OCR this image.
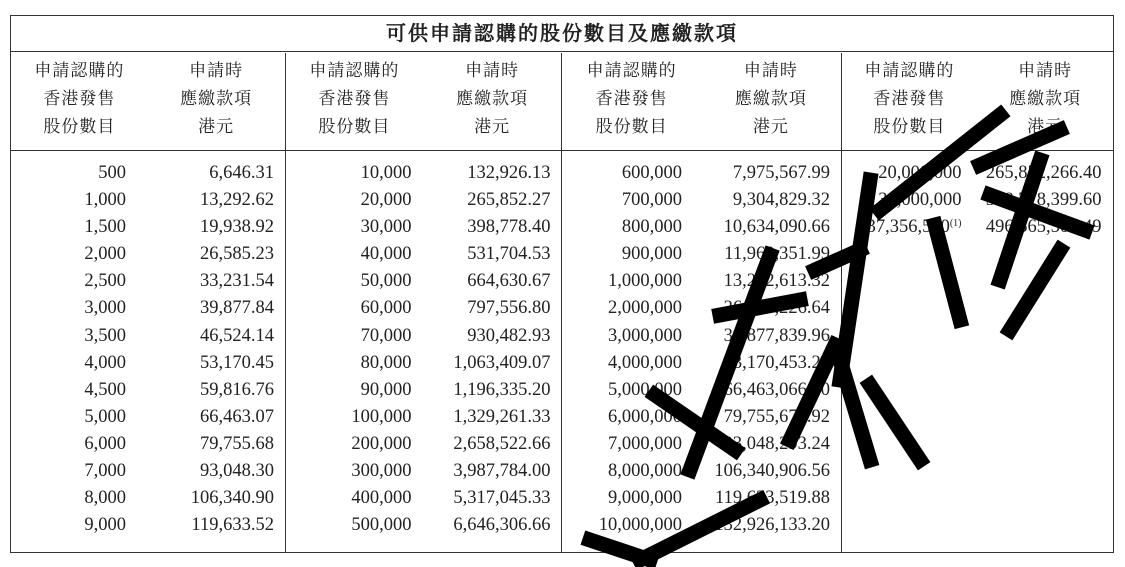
可供申請認購的股份數目及應繳款項
申請認購的
香港發售
股份數目
申請時
應繳款項
港元
500	6,646.31
1,000	13,292.62
1,500	19,938.92
2,000	26,585.23
2,500	33,231.54
3,000	39,877.84
3,500	46,524.14
4,000	53,170.45
4,500	59,816.76
5,000	66,463.07
6,000	79,755.68
7,000	93,048.30
8,000	106,340.90
9,000	119,633.52
申請認購的
香港發售
股份數目
申請時
應繳款項
港元
10,000	132,926.13
20,000	265,852.27
30,000	398,778.40
40,000	531,704.53
50,000	664,630.67
60,000	797,556.80
70,000	930,482.93
80,000	1,063,409.07
90,000	1,196,335.20
100,000	1,329,261.33
200,000	2,658,522.66
300,000	3,987,784.00
400,000	5,317,045.33
500,000	6,646,306.66
申請認購的
香港發售
股份數目
申請時
應繳款項
港元
600,000	7,975,567.99
700,000	9,304,829.32
800,000	10,634,090.66
900,000	11,963,351.99
1,000,000	13,292,613.32
2,000,000	26,585,226.64
3,000,000	39,877,839.96
4,000,000	53,170,453.28
5,000,000	66,463,066.60
6,000,000	79,755,679.92
7,000,000	93,048,293.24
8,000,000	106,340,906.56
9,000,000	119,633,519.88
10,000,000	132,926,133.20
申請認購的
香港發售
股份數目
申請時
應繳款項
港元
20,000,000	265,852,266.40
30,000,000	398,778,399.60
37,356,500$^{(1)}$	496,565,509.49
